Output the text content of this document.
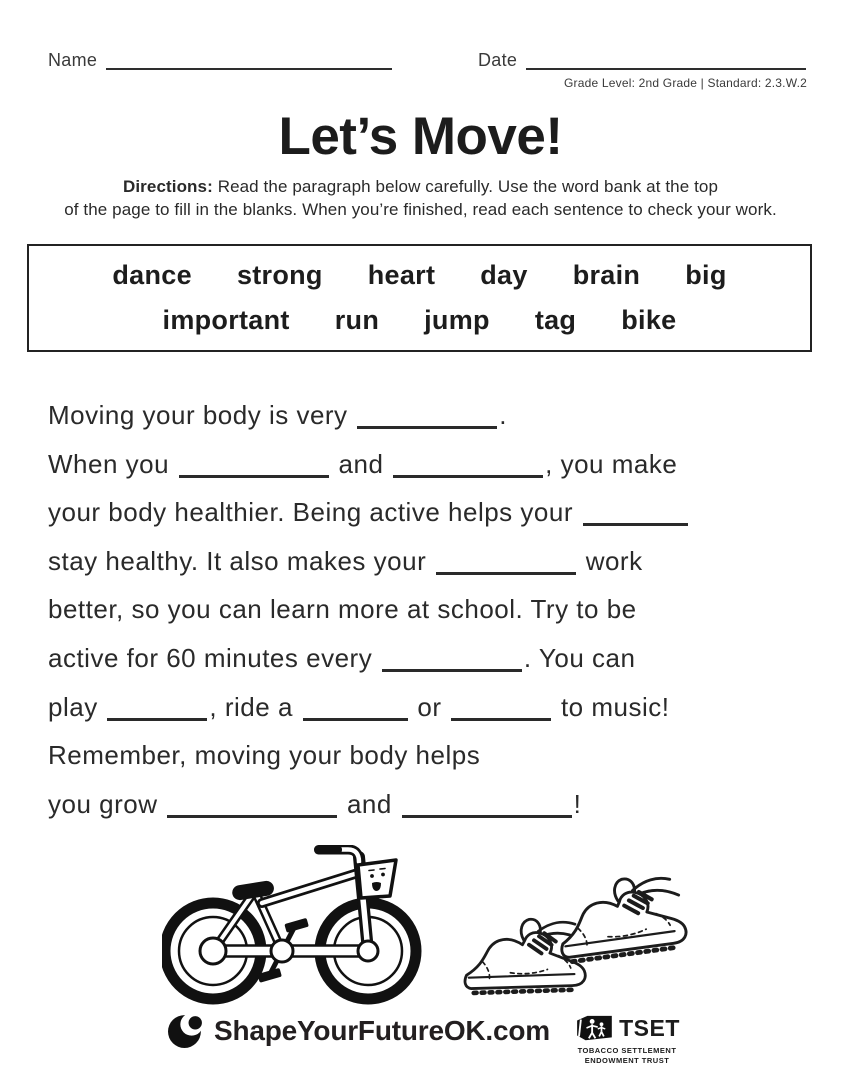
Name	Date
Grade Level: 2nd Grade | Standard: 2.3.W.2
Let’s Move!
Directions: Read the paragraph below carefully. Use the word bank at the top
of the page to fill in the blanks. When you’re finished, read each sentence to check your work.
dance strong heart day brain big
important run jump tag bike
Moving your body is very	.
When you	and	, you make
your body healthier. Being active helps your
stay healthy. It also makes your	work
better, so you can learn more at school. Try to be
active for 60 minutes every	. You can
play	, ride a	or	to music!
Remember, moving your body helps
you grow	and	!
ShapeYourFutureOK.com	TSET
TOBACCO SETTLEMENT
ENDOWMENT TRUST
